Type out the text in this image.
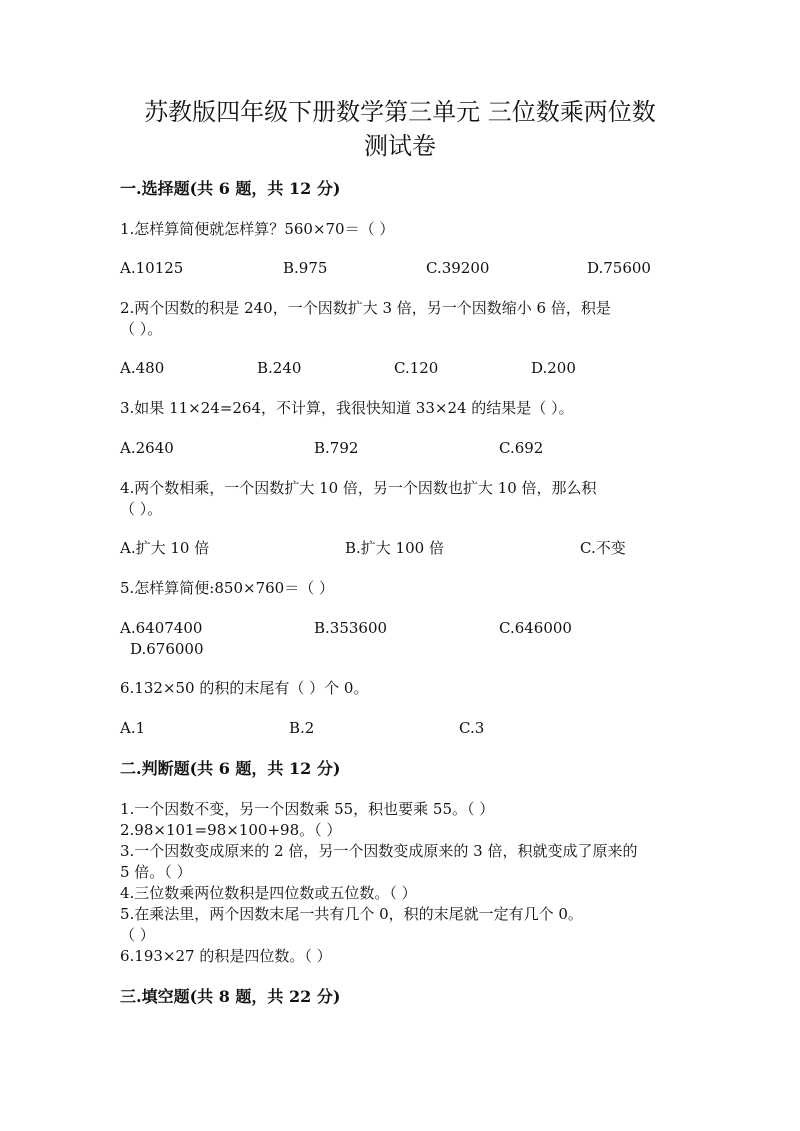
苏教版四年级下册数学第三单元 三位数乘两位数
测试卷
一.选择题(共 6 题，共 12 分)
1.怎样算简便就怎样算？560×70＝（ ）
A.10125	B.975	C.39200	D.75600
2.两个因数的积是 240，一个因数扩大 3 倍，另一个因数缩小 6 倍，积是
（ ）。
A.480	B.240	C.120	D.200
3.如果 11×24=264，不计算，我很快知道 33×24 的结果是（ ）。
A.2640	B.792	C.692
4.两个数相乘，一个因数扩大 10 倍，另一个因数也扩大 10 倍，那么积
（ ）。
A.扩大 10 倍	B.扩大 100 倍	C.不变
5.怎样算简便:850×760＝（ ）
A.6407400	B.353600	C.646000
D.676000
6.132×50 的积的末尾有（ ）个 0。
A.1	B.2	C.3
二.判断题(共 6 题，共 12 分)
1.一个因数不变，另一个因数乘 55，积也要乘 55。（ ）
2.98×101=98×100+98。（ ）
3.一个因数变成原来的 2 倍，另一个因数变成原来的 3 倍，积就变成了原来的
5 倍。（ ）
4.三位数乘两位数积是四位数或五位数。（ ）
5.在乘法里，两个因数末尾一共有几个 0，积的末尾就一定有几个 0。
（ ）
6.193×27 的积是四位数。（ ）
三.填空题(共 8 题，共 22 分)
